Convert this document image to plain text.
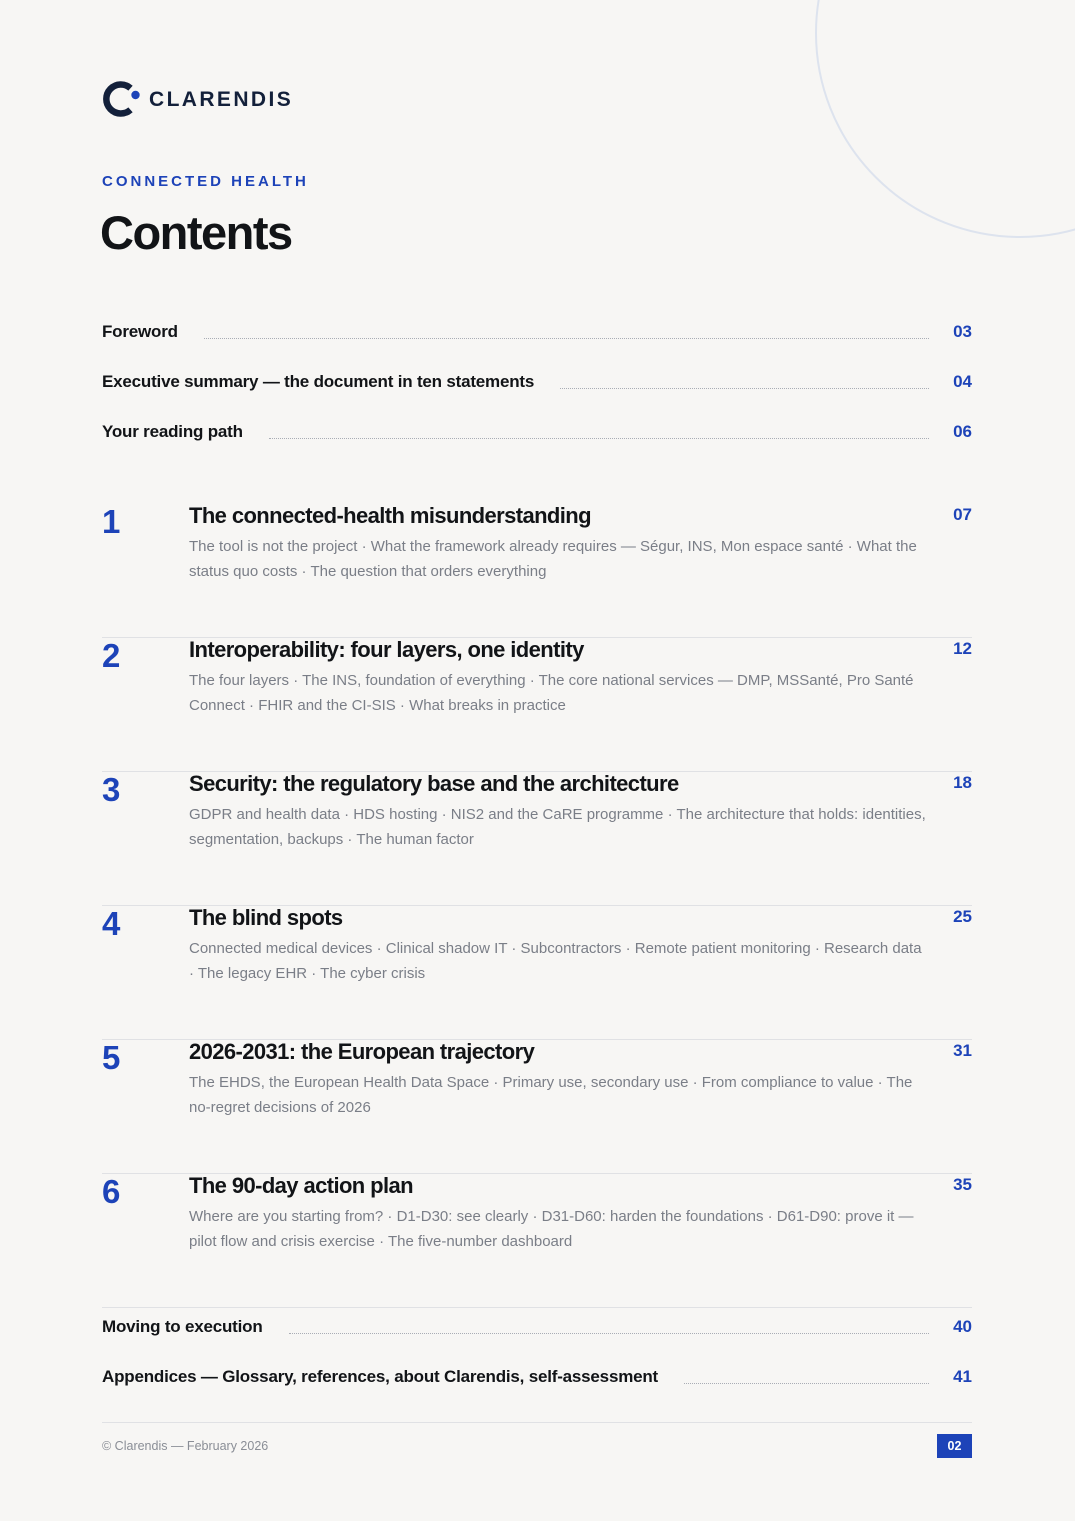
CLARENDIS
CONNECTED HEALTH
Contents
Foreword	03
Executive summary — the document in ten statements	04
Your reading path	06
1	The connected-health misunderstanding	07
The tool is not the project · What the framework already requires — Ségur, INS, Mon espace santé · What the status quo costs · The question that orders everything
2	Interoperability: four layers, one identity	12
The four layers · The INS, foundation of everything · The core national services — DMP, MSSanté, Pro Santé Connect · FHIR and the CI-SIS · What breaks in practice
3	Security: the regulatory base and the architecture	18
GDPR and health data · HDS hosting · NIS2 and the CaRE programme · The architecture that holds: identities, segmentation, backups · The human factor
4	The blind spots	25
Connected medical devices · Clinical shadow IT · Subcontractors · Remote patient monitoring · Research data · The legacy EHR · The cyber crisis
5	2026-2031: the European trajectory	31
The EHDS, the European Health Data Space · Primary use, secondary use · From compliance to value · The no-regret decisions of 2026
6	The 90-day action plan	35
Where are you starting from? · D1-D30: see clearly · D31-D60: harden the foundations · D61-D90: prove it — pilot flow and crisis exercise · The five-number dashboard
Moving to execution	40
Appendices — Glossary, references, about Clarendis, self-assessment	41
© Clarendis — February 2026	02
